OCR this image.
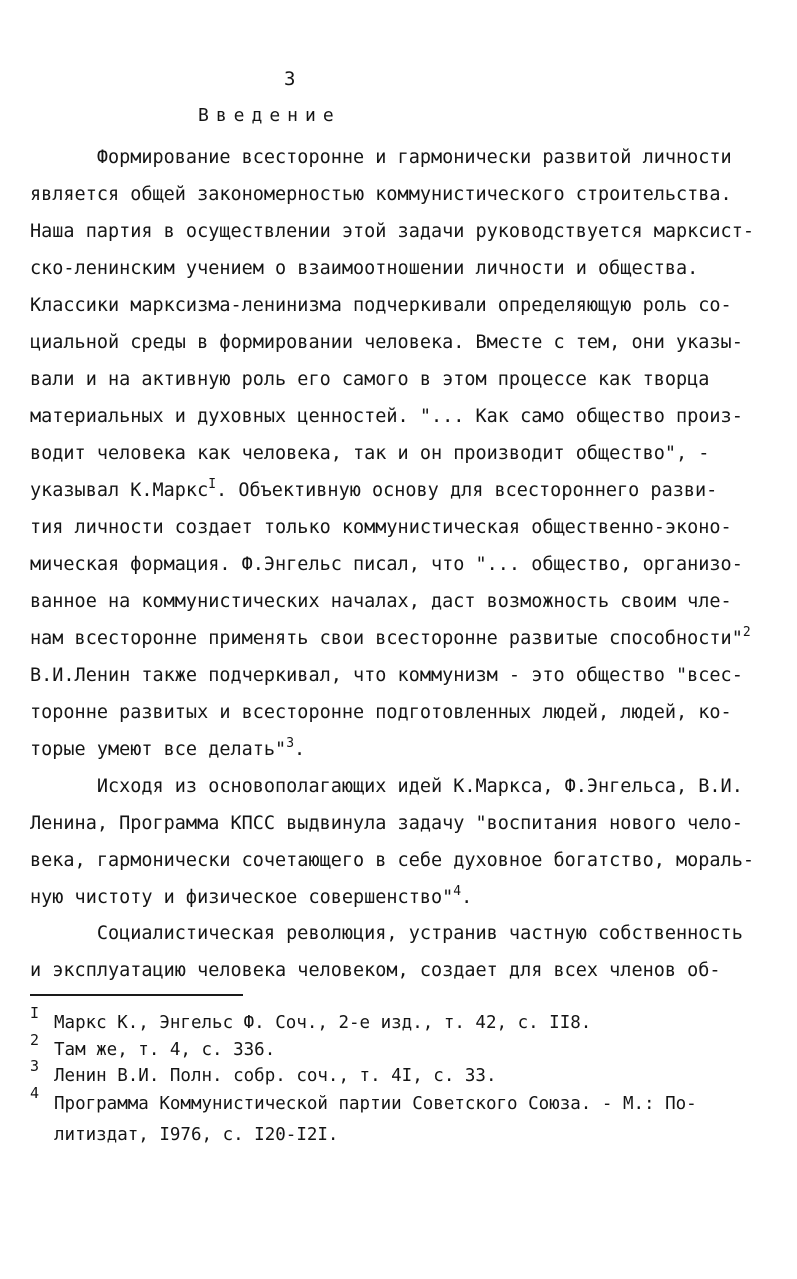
3
Введение
Формирование всесторонне и гармонически развитой личности
является общей закономерностью коммунистического строительства.
Наша партия в осуществлении этой задачи руководствуется марксист-
ско-ленинским учением о взаимоотношении личности и общества.
Классики марксизма-ленинизма подчеркивали определяющую роль со-
циальной среды в формировании человека. Вместе с тем, они указы-
вали и на активную роль его самого в этом процессе как творца
материальных и духовных ценностей. "... Как само общество произ-
водит человека как человека, так и он производит общество", -
указывал К.Маркс$^I$. Объективную основу для всестороннего разви-
тия личности создает только коммунистическая общественно-эконо-
мическая формация. Ф.Энгельс писал, что "... общество, организо-
ванное на коммунистических началах, даст возможность своим чле-
нам всесторонне применять свои всесторонне развитые способности"$^2$
В.И.Ленин также подчеркивал, что коммунизм - это общество "всес-
торонне развитых и всесторонне подготовленных людей, людей, ко-
торые умеют все делать"$^3$.
Исходя из основополагающих идей К.Маркса, Ф.Энгельса, В.И.
Ленина, Программа КПСС выдвинула задачу "воспитания нового чело-
века, гармонически сочетающего в себе духовное богатство, мораль-
ную чистоту и физическое совершенство"$^4$.
Социалистическая революция, устранив частную собственность
и эксплуатацию человека человеком, создает для всех членов об-
I Маркс К., Энгельс Ф. Соч., 2-е изд., т. 42, с. II8.
2 Там же, т. 4, с. 336.
3 Ленин В.И. Полн. собр. соч., т. 4I, с. 33.
4
Программа Коммунистической партии Советского Союза. - М.: По-
литиздат, I976, с. I20-I2I.
